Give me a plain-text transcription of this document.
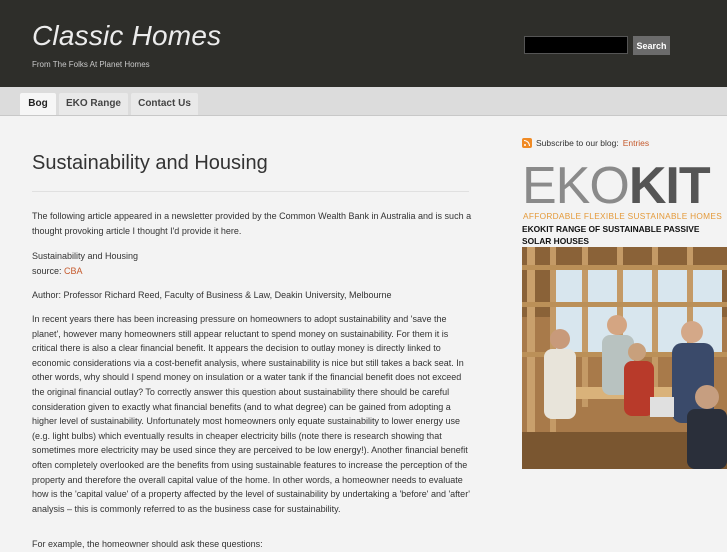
Classic Homes
From The Folks At Planet Homes
Search
Bog	EKO Range	Contact Us
Sustainability and Housing
The following article appeared in a newsletter provided by the Common Wealth Bank in Australia and is such a thought provoking article I thought I'd provide it here.
Sustainability and Housing
source: CBA
Author: Professor Richard Reed, Faculty of Business & Law, Deakin University, Melbourne
In recent years there has been increasing pressure on homeowners to adopt sustainability and 'save the planet', however many homeowners still appear reluctant to spend money on sustainability. For them it is critical there is also a clear financial benefit. It appears the decision to outlay money is directly linked to economic considerations via a cost-benefit analysis, where sustainability is nice but still takes a back seat. In other words, why should I spend money on insulation or a water tank if the financial benefit does not exceed the original financial outlay? To correctly answer this question about sustainability there should be careful consideration given to exactly what financial benefits (and to what degree) can be gained from adopting a higher level of sustainability. Unfortunately most homeowners only equate sustainability to lower energy use (e.g. light bulbs) which eventually results in cheaper electricity bills (note there is research showing that sometimes more electricity may be used since they are perceived to be low energy!). Another financial benefit often completely overlooked are the benefits from using sustainable features to increase the perception of the property and therefore the overall capital value of the home. In other words, a homeowner needs to evaluate how is the 'capital value' of a property affected by the level of sustainability by undertaking a 'before' and 'after' analysis – this is commonly referred to as the business case for sustainability.
For example, the homeowner should ask these questions:
Subscribe to our blog: Entries
EKOKIT
AFFORDABLE FLEXIBLE SUSTAINABLE HOMES
EKOKIT RANGE OF SUSTAINABLE PASSIVE SOLAR HOUSES
